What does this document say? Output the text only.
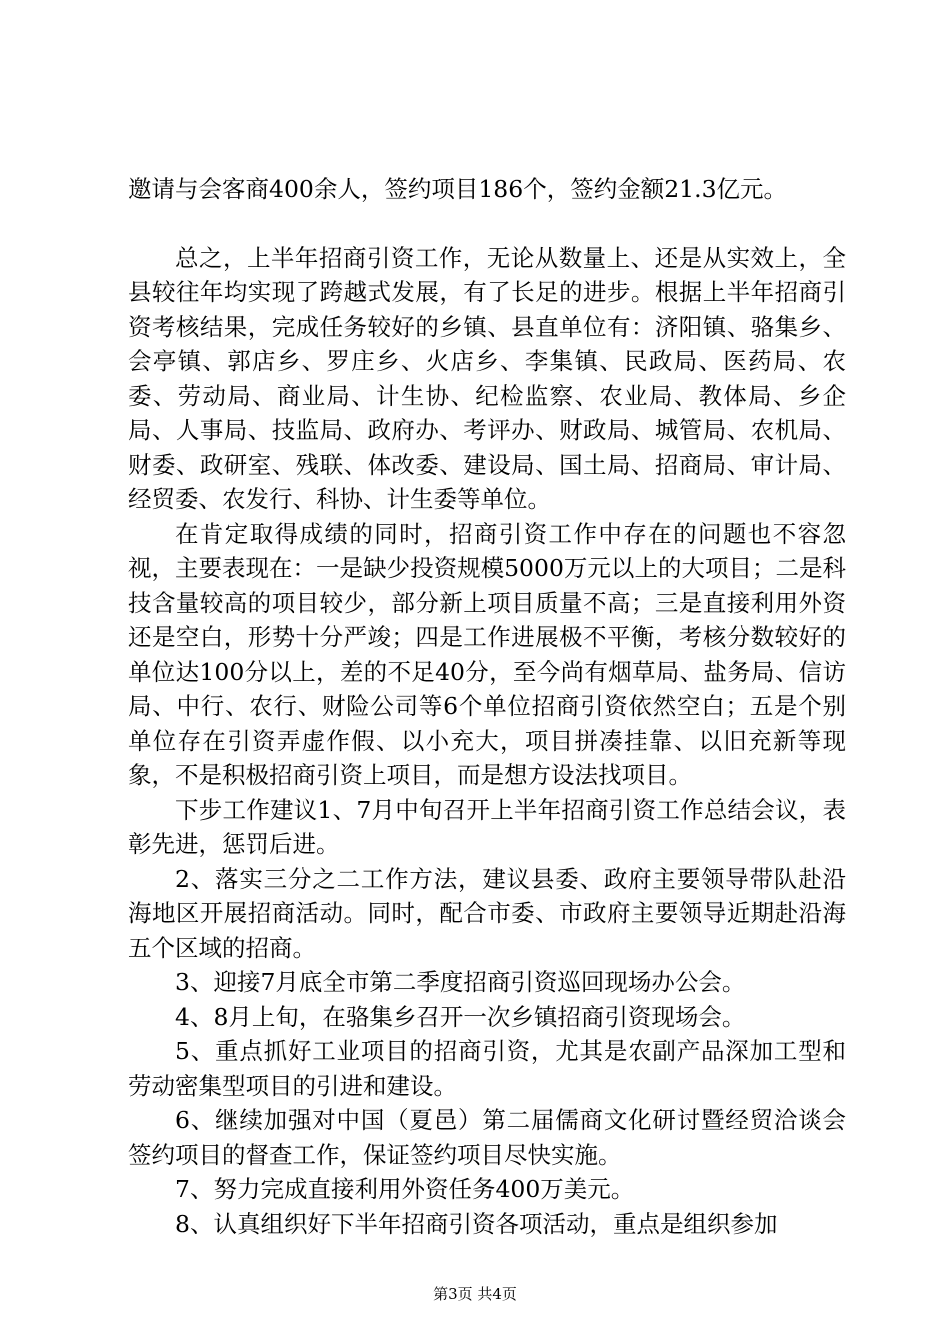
邀请与会客商400余人，签约项目186个，签约金额21.3亿元。

总之，上半年招商引资工作，无论从数量上、还是从实效上，全县较往年均实现了跨越式发展，有了长足的进步。根据上半年招商引资考核结果，完成任务较好的乡镇、县直单位有：济阳镇、骆集乡、会亭镇、郭店乡、罗庄乡、火店乡、李集镇、民政局、医药局、农委、劳动局、商业局、计生协、纪检监察、农业局、教体局、乡企局、人事局、技监局、政府办、考评办、财政局、城管局、农机局、财委、政研室、残联、体改委、建设局、国土局、招商局、审计局、经贸委、农发行、科协、计生委等单位。

在肯定取得成绩的同时，招商引资工作中存在的问题也不容忽视，主要表现在：一是缺少投资规模5000万元以上的大项目；二是科技含量较高的项目较少，部分新上项目质量不高；三是直接利用外资还是空白，形势十分严竣；四是工作进展极不平衡，考核分数较好的单位达100分以上，差的不足40分，至今尚有烟草局、盐务局、信访局、中行、农行、财险公司等6个单位招商引资依然空白；五是个别单位存在引资弄虚作假、以小充大，项目拼凑挂靠、以旧充新等现象，不是积极招商引资上项目，而是想方设法找项目。

下步工作建议1、7月中旬召开上半年招商引资工作总结会议，表彰先进，惩罚后进。

2、落实三分之二工作方法，建议县委、政府主要领导带队赴沿海地区开展招商活动。同时，配合市委、市政府主要领导近期赴沿海五个区域的招商。

3、迎接7月底全市第二季度招商引资巡回现场办公会。

4、8月上旬，在骆集乡召开一次乡镇招商引资现场会。

5、重点抓好工业项目的招商引资，尤其是农副产品深加工型和劳动密集型项目的引进和建设。

6、继续加强对中国（夏邑）第二届儒商文化研讨暨经贸洽谈会签约项目的督查工作，保证签约项目尽快实施。

7、努力完成直接利用外资任务400万美元。

8、认真组织好下半年招商引资各项活动，重点是组织参加

第3页 共4页
